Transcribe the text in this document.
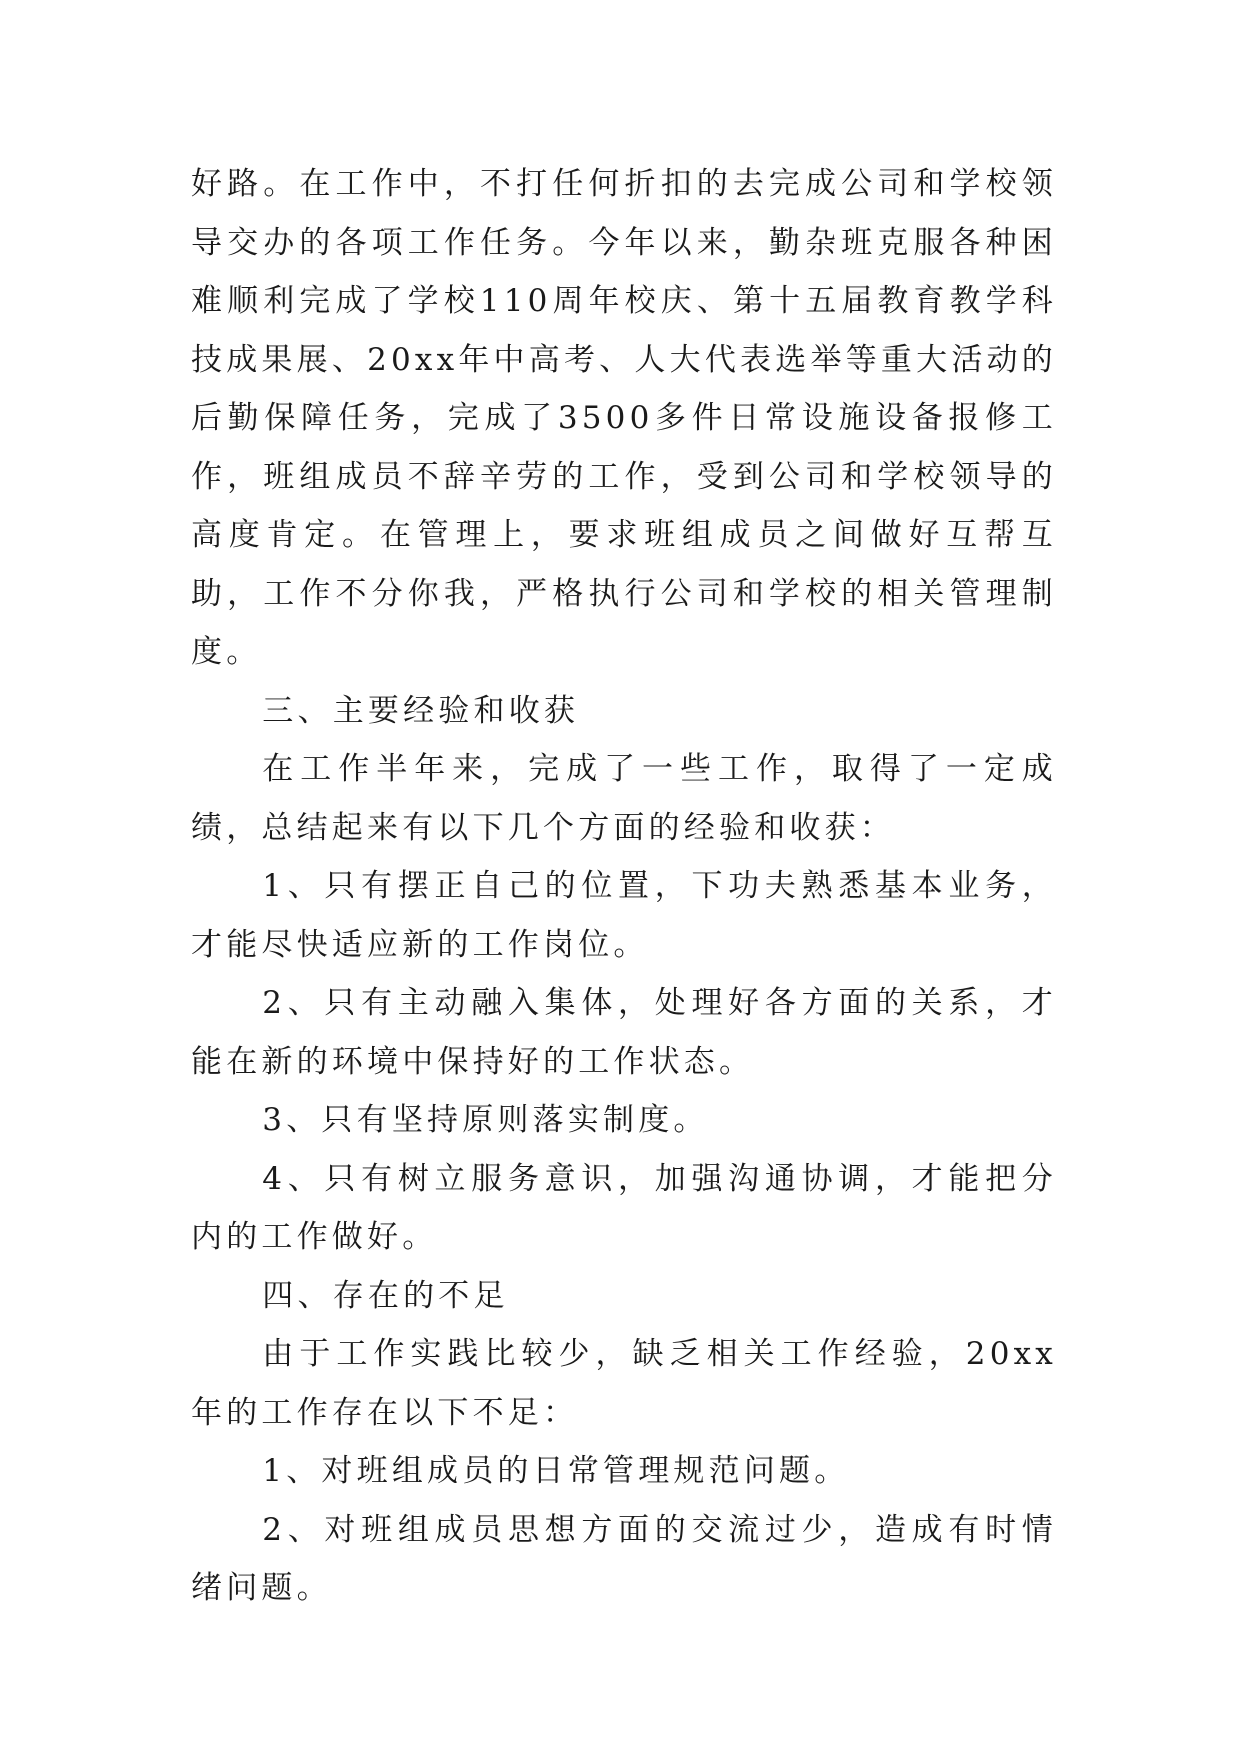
好路。在工作中，不打任何折扣的去完成公司和学校领导交办的各项工作任务。今年以来，勤杂班克服各种困难顺利完成了学校110周年校庆、第十五届教育教学科技成果展、20xx年中高考、人大代表选举等重大活动的后勤保障任务，完成了3500多件日常设施设备报修工作，班组成员不辞辛劳的工作，受到公司和学校领导的高度肯定。在管理上，要求班组成员之间做好互帮互助，工作不分你我，严格执行公司和学校的相关管理制度。

三、主要经验和收获

在工作半年来，完成了一些工作，取得了一定成绩，总结起来有以下几个方面的经验和收获：

1、只有摆正自己的位置，下功夫熟悉基本业务，才能尽快适应新的工作岗位。

2、只有主动融入集体，处理好各方面的关系，才能在新的环境中保持好的工作状态。

3、只有坚持原则落实制度。

4、只有树立服务意识，加强沟通协调，才能把分内的工作做好。

四、存在的不足

由于工作实践比较少，缺乏相关工作经验，20xx年的工作存在以下不足：

1、对班组成员的日常管理规范问题。

2、对班组成员思想方面的交流过少，造成有时情绪问题。
